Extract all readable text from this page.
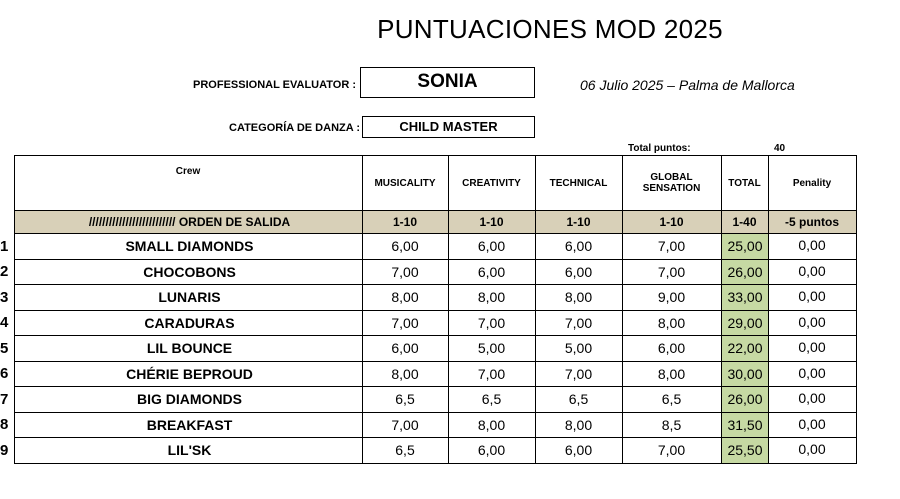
PUNTUACIONES MOD 2025
PROFESSIONAL EVALUATOR :	SONIA	06 Julio 2025 – Palma de Mallorca
CATEGORÍA DE DANZA :	CHILD MASTER
Total puntos:	40
	Crew	MUSICALITY	CREATIVITY	TECHNICAL	GLOBAL SENSATION	TOTAL	Penality
	////////////////////////// ORDEN DE SALIDA	1-10	1-10	1-10	1-10	1-40	-5 puntos
1	SMALL DIAMONDS	6,00	6,00	6,00	7,00	25,00	0,00
2	CHOCOBONS	7,00	6,00	6,00	7,00	26,00	0,00
3	LUNARIS	8,00	8,00	8,00	9,00	33,00	0,00
4	CARADURAS	7,00	7,00	7,00	8,00	29,00	0,00
5	LIL BOUNCE	6,00	5,00	5,00	6,00	22,00	0,00
6	CHÉRIE BEPROUD	8,00	7,00	7,00	8,00	30,00	0,00
7	BIG DIAMONDS	6,5	6,5	6,5	6,5	26,00	0,00
8	BREAKFAST	7,00	8,00	8,00	8,5	31,50	0,00
9	LIL'SK	6,5	6,00	6,00	7,00	25,50	0,00
